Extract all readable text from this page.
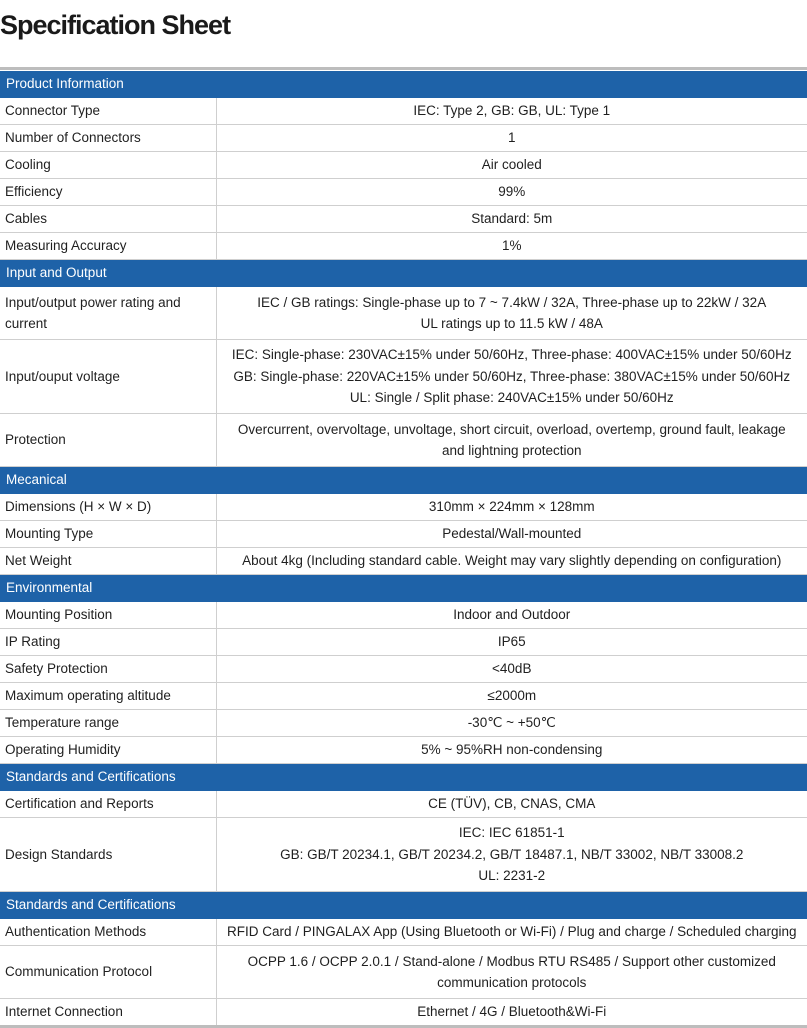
Specification Sheet
Product Information	
Connector Type	IEC: Type 2, GB: GB, UL: Type 1

Number of Connectors	1

Cooling	Air cooled

Efficiency	99%

Cables	Standard: 5m

Measuring Accuracy	1%

Input and Output	
Input/output power rating and current	IEC / GB ratings: Single-phase up to 7 ~ 7.4kW / 32A, Three-phase up to 22kW / 32A
UL ratings up to 11.5 kW / 48A

Input/ouput voltage	IEC: Single-phase: 230VAC±15% under 50/60Hz, Three-phase: 400VAC±15% under 50/60Hz
GB: Single-phase: 220VAC±15% under 50/60Hz, Three-phase: 380VAC±15% under 50/60Hz
UL: Single / Split phase: 240VAC±15% under 50/60Hz

Protection	Overcurrent, overvoltage, unvoltage, short circuit, overload, overtemp, ground fault, leakage
and lightning protection

Mecanical	
Dimensions (H × W × D)	310mm × 224mm × 128mm

Mounting Type	Pedestal/Wall-mounted

Net Weight	About 4kg (Including standard cable. Weight may vary slightly depending on configuration)

Environmental	
Mounting Position	Indoor and Outdoor

IP Rating	IP65

Safety Protection	<40dB

Maximum operating altitude	≤2000m

Temperature range	-30℃ ~ +50℃

Operating Humidity	5% ~ 95%RH non-condensing

Standards and Certifications	
Certification and Reports	CE (TÜV), CB, CNAS, CMA

Design Standards	IEC: IEC 61851-1
GB: GB/T 20234.1, GB/T 20234.2, GB/T 18487.1, NB/T 33002, NB/T 33008.2
UL: 2231-2

Standards and Certifications	
Authentication Methods	RFID Card / PINGALAX App (Using Bluetooth or Wi-Fi) / Plug and charge / Scheduled charging

Communication Protocol	OCPP 1.6 / OCPP 2.0.1 / Stand-alone / Modbus RTU RS485 / Support other customized
communication protocols

Internet Connection	Ethernet / 4G / Bluetooth&Wi-Fi
